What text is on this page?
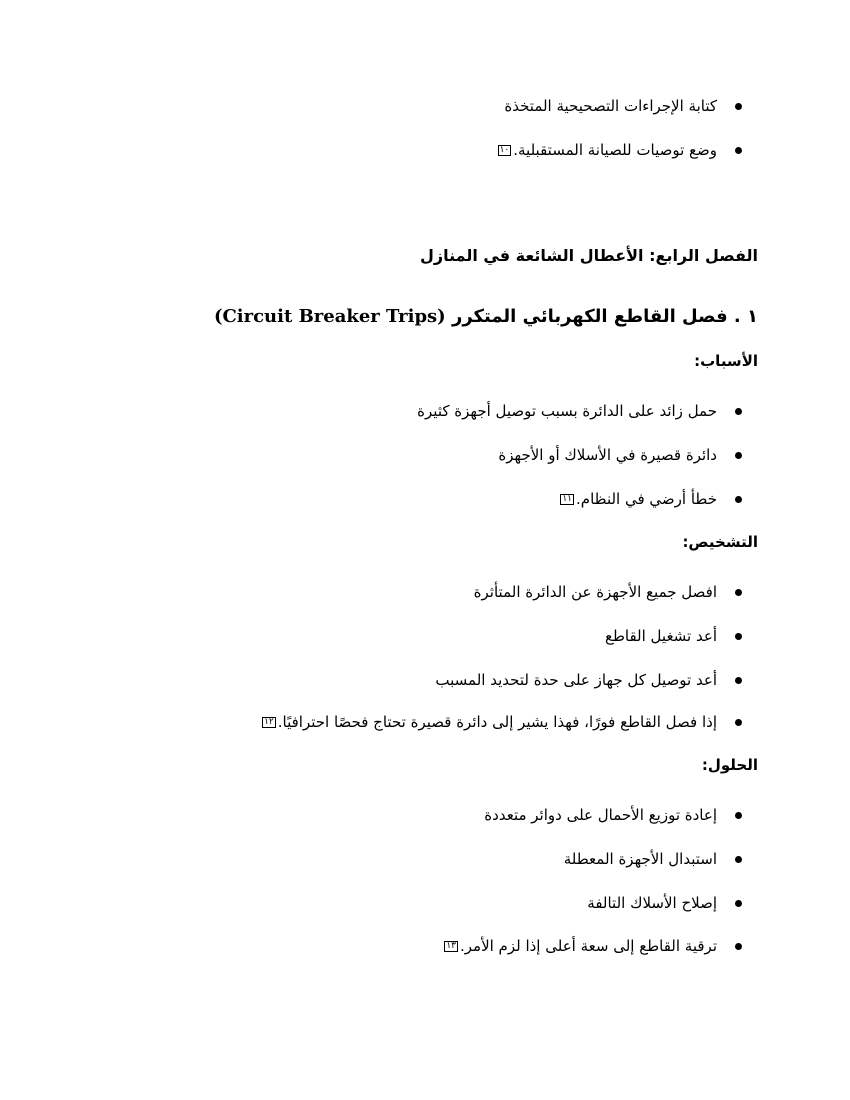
كتابة الإجراءات التصحيحية المتخذة
وضع توصيات للصيانة المستقبلية.
١٠
الفصل الرابع: الأعطال الشائعة في المنازل
١ . فصل القاطع الكهربائي المتكرر (Circuit Breaker Trips)
الأسباب:
حمل زائد على الدائرة بسبب توصيل أجهزة كثيرة
دائرة قصيرة في الأسلاك أو الأجهزة
خطأ أرضي في النظام.
١١
التشخيص:
افصل جميع الأجهزة عن الدائرة المتأثرة
أعد تشغيل القاطع
أعد توصيل كل جهاز على حدة لتحديد المسبب
إذا فصل القاطع فورًا، فهذا يشير إلى دائرة قصيرة تحتاج فحصًا احترافيًا.
١٢
الحلول:
إعادة توزيع الأحمال على دوائر متعددة
استبدال الأجهزة المعطلة
إصلاح الأسلاك التالفة
ترقية القاطع إلى سعة أعلى إذا لزم الأمر.
١٣
